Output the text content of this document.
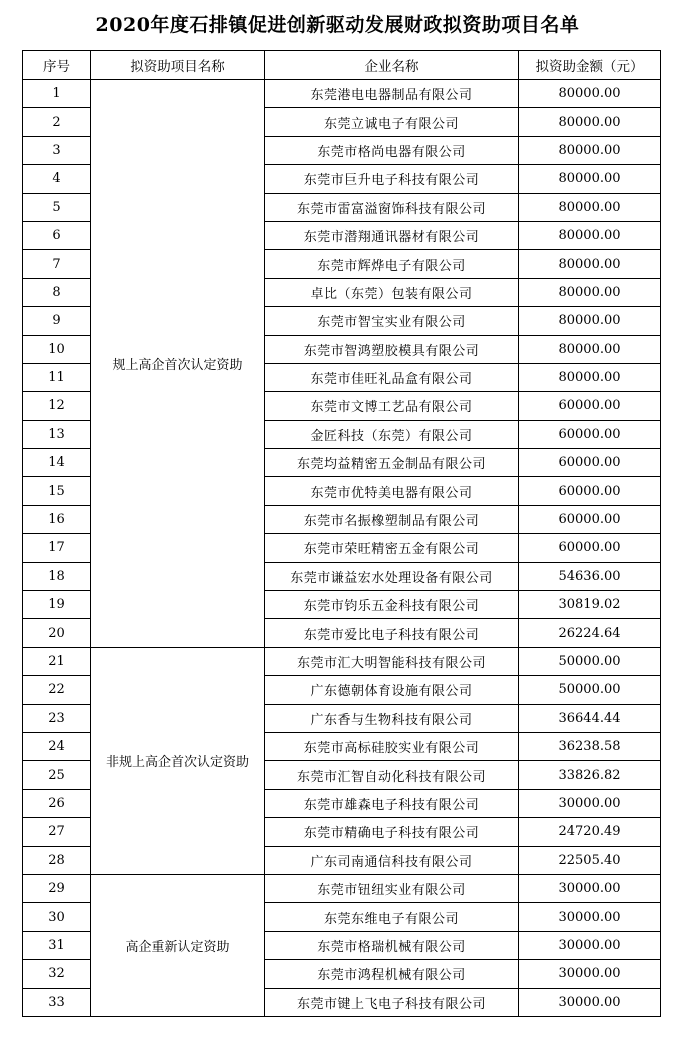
2020年度石排镇促进创新驱动发展财政拟资助项目名单
序号	拟资助项目名称	企业名称	拟资助金额（元）
1	规上高企首次认定资助	东莞港电电器制品有限公司	80000.00
2		东莞立诚电子有限公司	80000.00
3		东莞市格尚电器有限公司	80000.00
4		东莞市巨升电子科技有限公司	80000.00
5		东莞市雷富溢窗饰科技有限公司	80000.00
6		东莞市潜翔通讯器材有限公司	80000.00
7		东莞市辉烨电子有限公司	80000.00
8		卓比（东莞）包装有限公司	80000.00
9		东莞市智宝实业有限公司	80000.00
10		东莞市智鸿塑胶模具有限公司	80000.00
11		东莞市佳旺礼品盒有限公司	80000.00
12		东莞市文博工艺品有限公司	60000.00
13		金匠科技（东莞）有限公司	60000.00
14		东莞均益精密五金制品有限公司	60000.00
15		东莞市优特美电器有限公司	60000.00
16		东莞市名振橡塑制品有限公司	60000.00
17		东莞市荣旺精密五金有限公司	60000.00
18		东莞市谦益宏水处理设备有限公司	54636.00
19		东莞市钧乐五金科技有限公司	30819.02
20		东莞市爱比电子科技有限公司	26224.64
21	非规上高企首次认定资助	东莞市汇大明智能科技有限公司	50000.00
22		广东德朝体育设施有限公司	50000.00
23		广东香与生物科技有限公司	36644.44
24		东莞市高标硅胶实业有限公司	36238.58
25		东莞市汇智自动化科技有限公司	33826.82
26		东莞市雄森电子科技有限公司	30000.00
27		东莞市精确电子科技有限公司	24720.49
28		广东司南通信科技有限公司	22505.40
29	高企重新认定资助	东莞市钮纽实业有限公司	30000.00
30		东莞东维电子有限公司	30000.00
31		东莞市格瑞机械有限公司	30000.00
32		东莞市鸿程机械有限公司	30000.00
33		东莞市键上飞电子科技有限公司	30000.00
